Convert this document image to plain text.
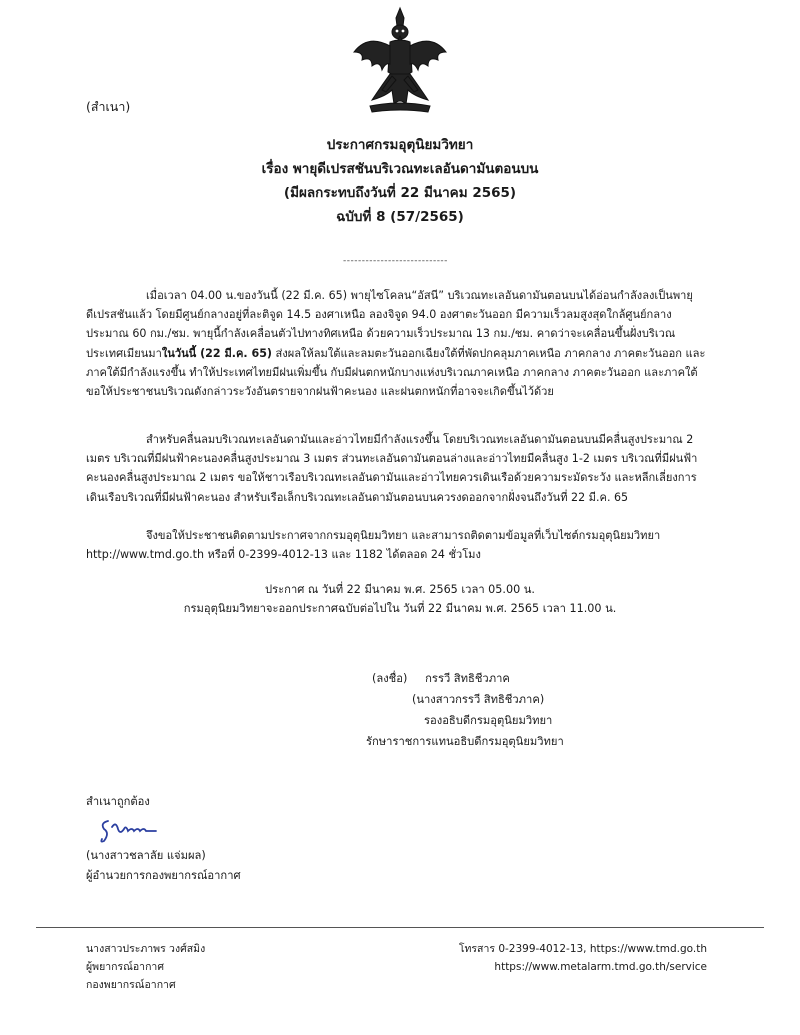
(สำเนา)
ประกาศกรมอุตุนิยมวิทยา
เรื่อง พายุดีเปรสชันบริเวณทะเลอันดามันตอนบน
(มีผลกระทบถึงวันที่ 22 มีนาคม 2565)
ฉบับที่ 8 (57/2565)
----------------------------
เมื่อเวลา 04.00 น.ของวันนี้ (22 มี.ค. 65) พายุไซโคลน“อัสนี” บริเวณทะเลอันดามันตอนบนได้อ่อนกำลังลงเป็นพายุ
ดีเปรสชันแล้ว โดยมีศูนย์กลางอยู่ที่ละติจูด 14.5 องศาเหนือ ลองจิจูด 94.0 องศาตะวันออก มีความเร็วลมสูงสุดใกล้ศูนย์กลาง
ประมาณ 60 กม./ชม. พายุนี้กำลังเคลื่อนตัวไปทางทิศเหนือ ด้วยความเร็วประมาณ 13 กม./ชม. คาดว่าจะเคลื่อนขึ้นฝั่งบริเวณ
ประเทศเมียนมาในวันนี้ (22 มี.ค. 65) ส่งผลให้ลมใต้และลมตะวันออกเฉียงใต้ที่พัดปกคลุมภาคเหนือ ภาคกลาง ภาคตะวันออก และ
ภาคใต้มีกำลังแรงขึ้น ทำให้ประเทศไทยมีฝนเพิ่มขึ้น กับมีฝนตกหนักบางแห่งบริเวณภาคเหนือ ภาคกลาง ภาคตะวันออก และภาคใต้
ขอให้ประชาชนบริเวณดังกล่าวระวังอันตรายจากฝนฟ้าคะนอง และฝนตกหนักที่อาจจะเกิดขึ้นไว้ด้วย
สำหรับคลื่นลมบริเวณทะเลอันดามันและอ่าวไทยมีกำลังแรงขึ้น โดยบริเวณทะเลอันดามันตอนบนมีคลื่นสูงประมาณ 2
เมตร บริเวณที่มีฝนฟ้าคะนองคลื่นสูงประมาณ 3 เมตร ส่วนทะเลอันดามันตอนล่างและอ่าวไทยมีคลื่นสูง 1-2 เมตร บริเวณที่มีฝนฟ้า
คะนองคลื่นสูงประมาณ 2 เมตร ขอให้ชาวเรือบริเวณทะเลอันดามันและอ่าวไทยควรเดินเรือด้วยความระมัดระวัง และหลีกเลี่ยงการ
เดินเรือบริเวณที่มีฝนฟ้าคะนอง สำหรับเรือเล็กบริเวณทะเลอันดามันตอนบนควรงดออกจากฝั่งจนถึงวันที่ 22 มี.ค. 65
จึงขอให้ประชาชนติดตามประกาศจากกรมอุตุนิยมวิทยา และสามารถติดตามข้อมูลที่เว็บไซต์กรมอุตุนิยมวิทยา
http://www.tmd.go.th หรือที่ 0-2399-4012-13 และ 1182 ได้ตลอด 24 ชั่วโมง
ประกาศ ณ วันที่ 22 มีนาคม พ.ศ. 2565 เวลา 05.00 น.
กรมอุตุนิยมวิทยาจะออกประกาศฉบับต่อไปใน วันที่ 22 มีนาคม พ.ศ. 2565 เวลา 11.00 น.
(ลงชื่อ) กรรวี สิทธิชีวภาค
(นางสาวกรรวี สิทธิชีวภาค)
รองอธิบดีกรมอุตุนิยมวิทยา
รักษาราชการแทนอธิบดีกรมอุตุนิยมวิทยา
สำเนาถูกต้อง
(นางสาวชลาลัย แจ่มผล)
ผู้อำนวยการกองพยากรณ์อากาศ
นางสาวประภาพร วงศ์สมิง
ผู้พยากรณ์อากาศ
กองพยากรณ์อากาศ
โทรสาร 0-2399-4012-13, https://www.tmd.go.th
https://www.metalarm.tmd.go.th/service
